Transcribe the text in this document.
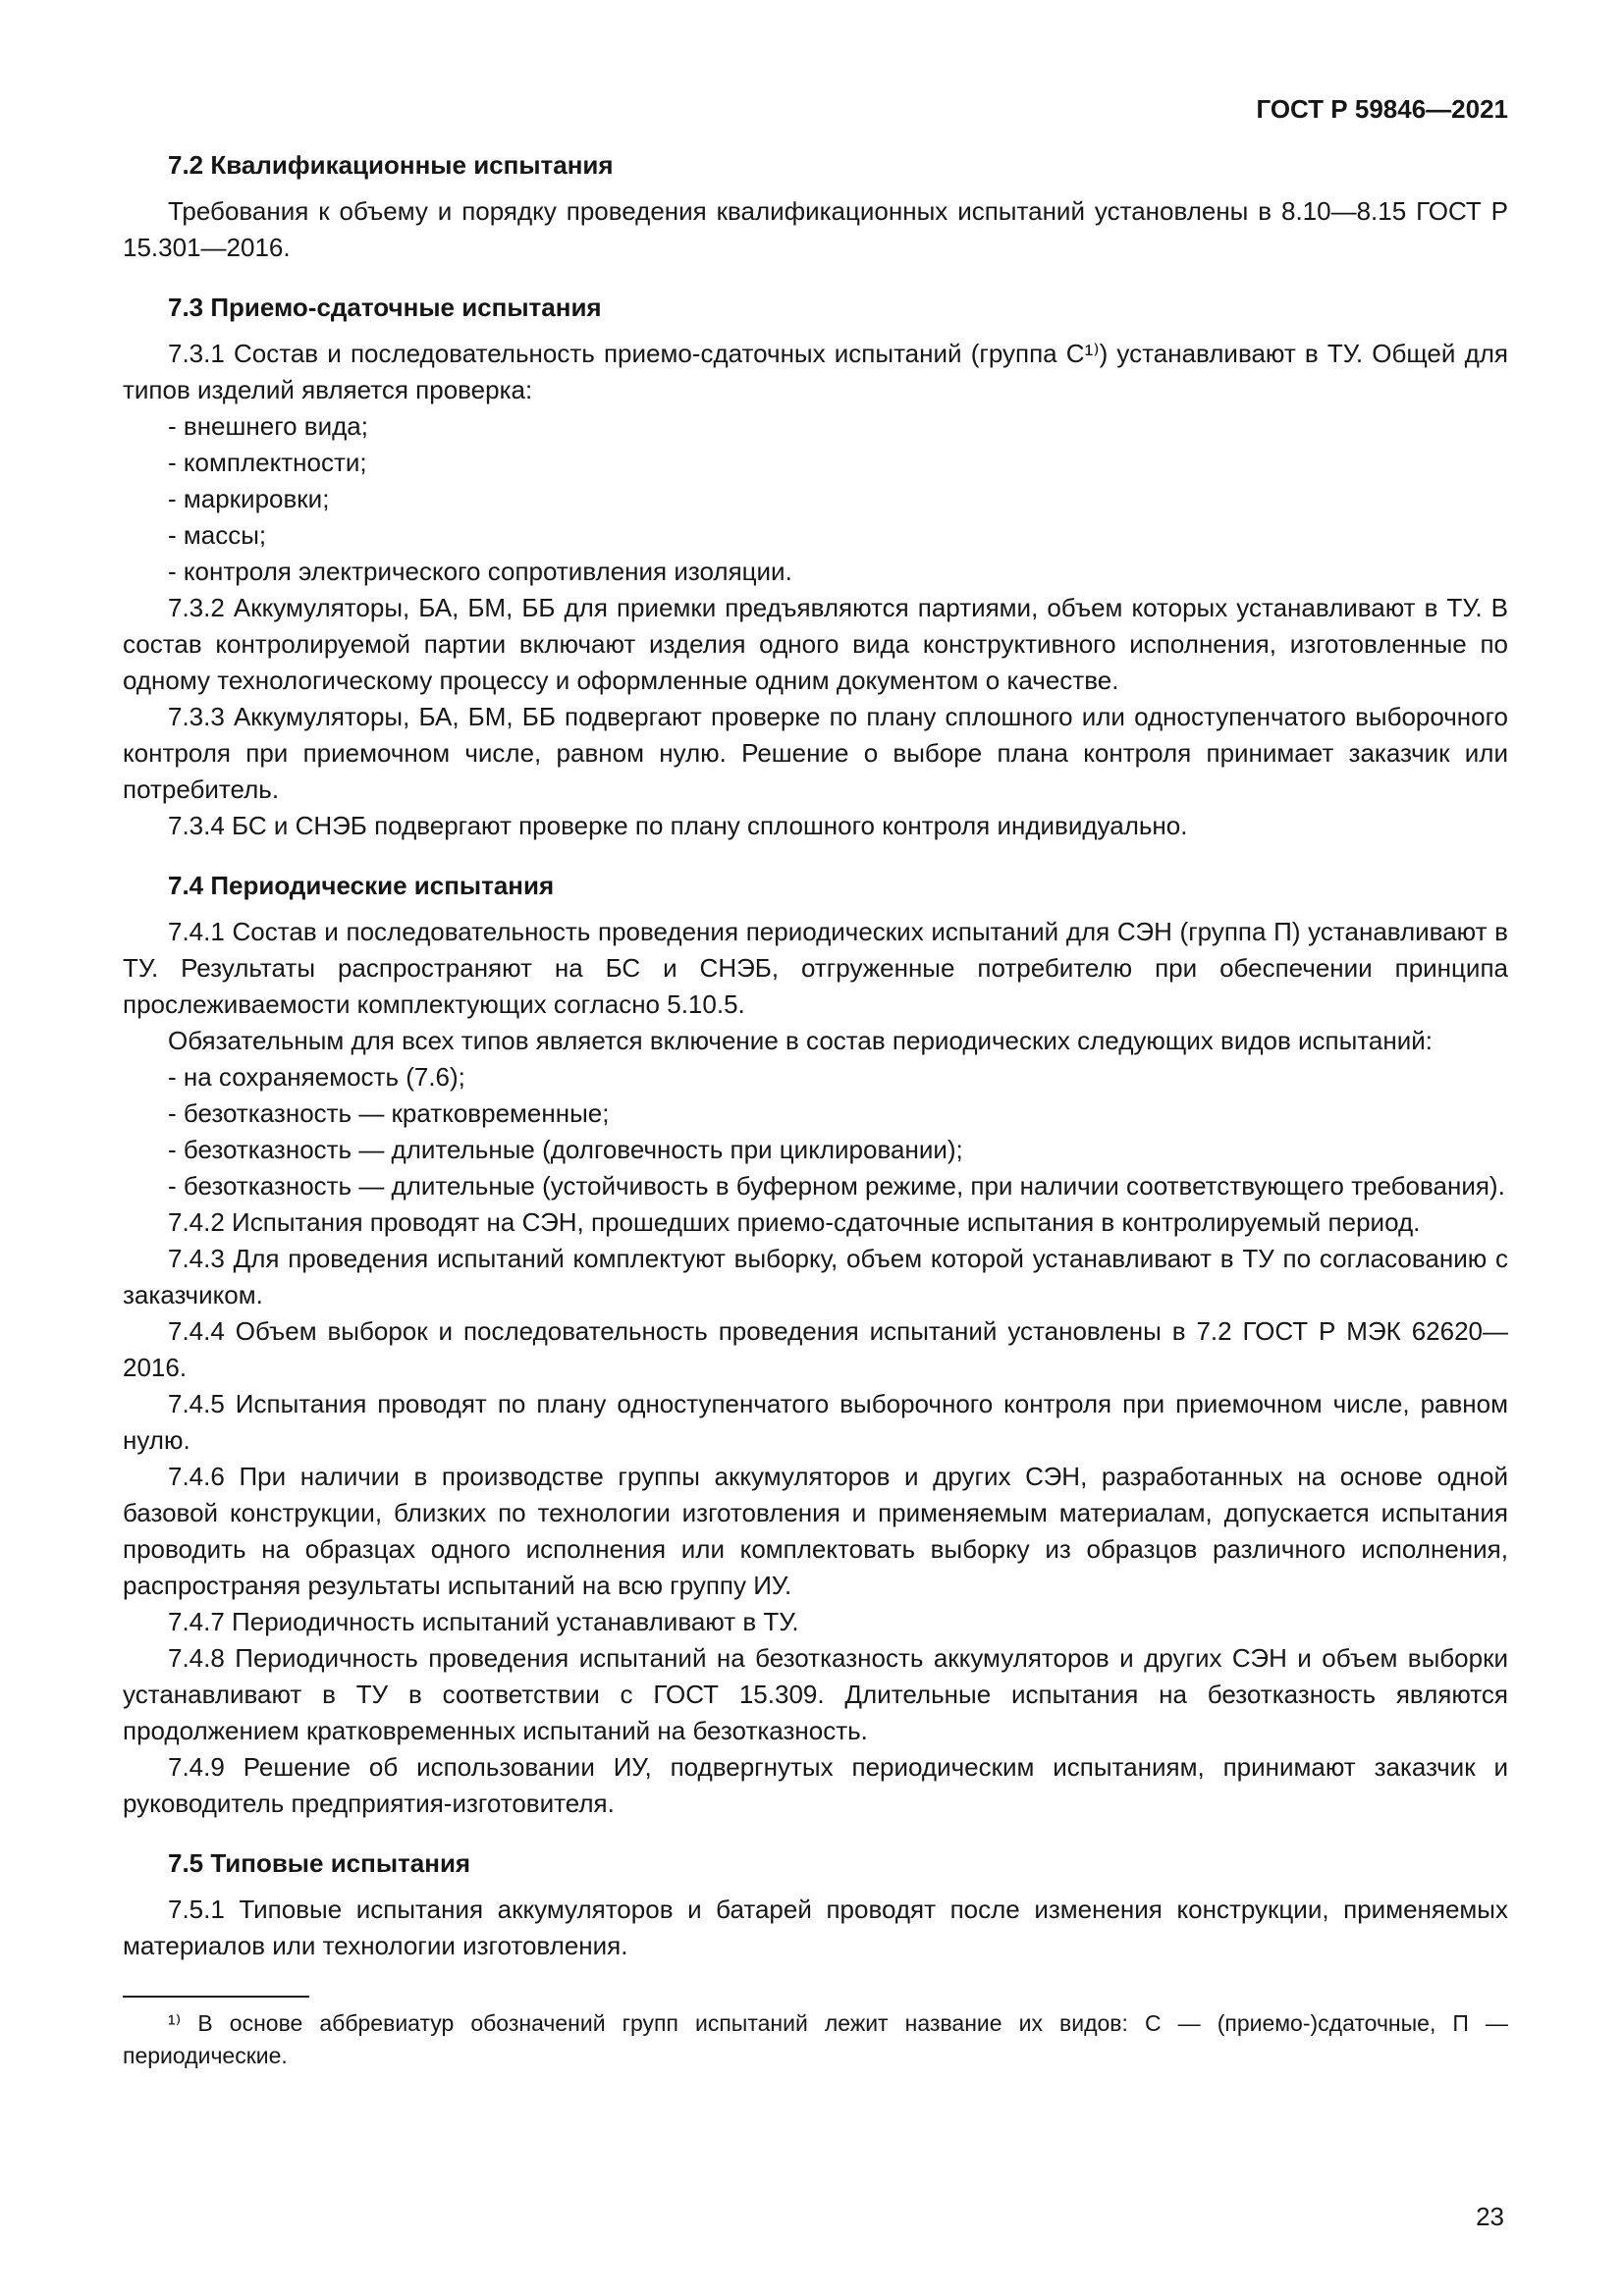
ГОСТ Р 59846—2021
7.2 Квалификационные испытания

Требования к объему и порядку проведения квалификационных испытаний установлены в 8.10—8.15 ГОСТ Р 15.301—2016.

7.3 Приемо-сдаточные испытания

7.3.1 Состав и последовательность приемо-сдаточных испытаний (группа С¹⁾) устанавливают в ТУ. Общей для типов изделий является проверка:

- внешнего вида;

- комплектности;

- маркировки;

- массы;

- контроля электрического сопротивления изоляции.

7.3.2 Аккумуляторы, БА, БМ, ББ для приемки предъявляются партиями, объем которых устанавливают в ТУ. В состав контролируемой партии включают изделия одного вида конструктивного исполнения, изготовленные по одному технологическому процессу и оформленные одним документом о качестве.

7.3.3 Аккумуляторы, БА, БМ, ББ подвергают проверке по плану сплошного или одноступенчатого выборочного контроля при приемочном числе, равном нулю. Решение о выборе плана контроля принимает заказчик или потребитель.

7.3.4 БС и СНЭБ подвергают проверке по плану сплошного контроля индивидуально.

7.4 Периодические испытания

7.4.1 Состав и последовательность проведения периодических испытаний для СЭН (группа П) устанавливают в ТУ. Результаты распространяют на БС и СНЭБ, отгруженные потребителю при обеспечении принципа прослеживаемости комплектующих согласно 5.10.5.

Обязательным для всех типов является включение в состав периодических следующих видов испытаний:

- на сохраняемость (7.6);

- безотказность — кратковременные;

- безотказность — длительные (долговечность при циклировании);

- безотказность — длительные (устойчивость в буферном режиме, при наличии соответствующего требования).

7.4.2 Испытания проводят на СЭН, прошедших приемо-сдаточные испытания в контролируемый период.

7.4.3 Для проведения испытаний комплектуют выборку, объем которой устанавливают в ТУ по согласованию с заказчиком.

7.4.4 Объем выборок и последовательность проведения испытаний установлены в 7.2 ГОСТ Р МЭК 62620—2016.

7.4.5 Испытания проводят по плану одноступенчатого выборочного контроля при приемочном числе, равном нулю.

7.4.6 При наличии в производстве группы аккумуляторов и других СЭН, разработанных на основе одной базовой конструкции, близких по технологии изготовления и применяемым материалам, допускается испытания проводить на образцах одного исполнения или комплектовать выборку из образцов различного исполнения, распространяя результаты испытаний на всю группу ИУ.

7.4.7 Периодичность испытаний устанавливают в ТУ.

7.4.8 Периодичность проведения испытаний на безотказность аккумуляторов и других СЭН и объем выборки устанавливают в ТУ в соответствии с ГОСТ 15.309. Длительные испытания на безотказность являются продолжением кратковременных испытаний на безотказность.

7.4.9 Решение об использовании ИУ, подвергнутых периодическим испытаниям, принимают заказчик и руководитель предприятия-изготовителя.

7.5 Типовые испытания

7.5.1 Типовые испытания аккумуляторов и батарей проводят после изменения конструкции, применяемых материалов или технологии изготовления.

¹⁾ В основе аббревиатур обозначений групп испытаний лежит название их видов: С — (приемо-)сдаточные, П — периодические.

23
